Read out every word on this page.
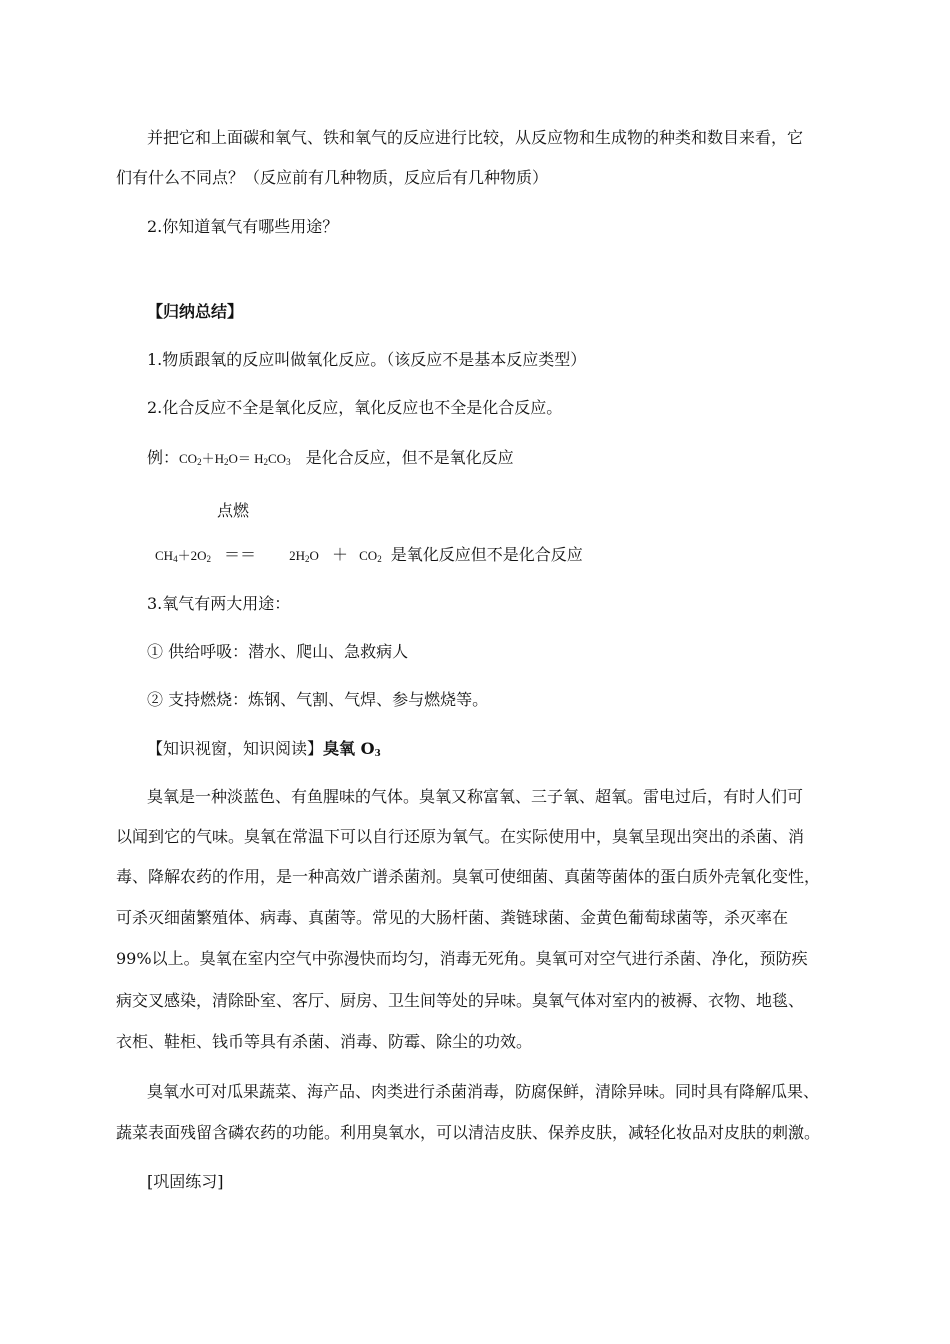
并把它和上面碳和氧气、铁和氧气的反应进行比较，从反应物和生成物的种类和数目来看，它
们有什么不同点？（反应前有几种物质，反应后有几种物质）
2.你知道氧气有哪些用途？
【归纳总结】
1.物质跟氧的反应叫做氧化反应。（该反应不是基本反应类型）
2.化合反应不全是氧化反应，氧化反应也不全是化合反应。
例：$CO_2+H_2O= H_2CO_3$ 是化合反应，但不是氧化反应
点燃
$CH_4+2O_2$ ＝＝	$2H_2O + CO_2$ 是氧化反应但不是化合反应
3.氧气有两大用途：
① 供给呼吸：潜水、爬山、急救病人
② 支持燃烧：炼钢、气割、气焊、参与燃烧等。
【知识视窗，知识阅读】臭氧 $O_3$
臭氧是一种淡蓝色、有鱼腥味的气体。臭氧又称富氧、三子氧、超氧。雷电过后，有时人们可
以闻到它的气味。臭氧在常温下可以自行还原为氧气。在实际使用中，臭氧呈现出突出的杀菌、消
毒、降解农药的作用，是一种高效广谱杀菌剂。臭氧可使细菌、真菌等菌体的蛋白质外壳氧化变性，
可杀灭细菌繁殖体、病毒、真菌等。常见的大肠杆菌、粪链球菌、金黄色葡萄球菌等，杀灭率在
99%以上。臭氧在室内空气中弥漫快而均匀，消毒无死角。臭氧可对空气进行杀菌、净化，预防疾
病交叉感染，清除卧室、客厅、厨房、卫生间等处的异味。臭氧气体对室内的被褥、衣物、地毯、
衣柜、鞋柜、钱币等具有杀菌、消毒、防霉、除尘的功效。
臭氧水可对瓜果蔬菜、海产品、肉类进行杀菌消毒，防腐保鲜，清除异味。同时具有降解瓜果、
蔬菜表面残留含磷农药的功能。利用臭氧水，可以清洁皮肤、保养皮肤，减轻化妆品对皮肤的刺激。
[巩固练习]
